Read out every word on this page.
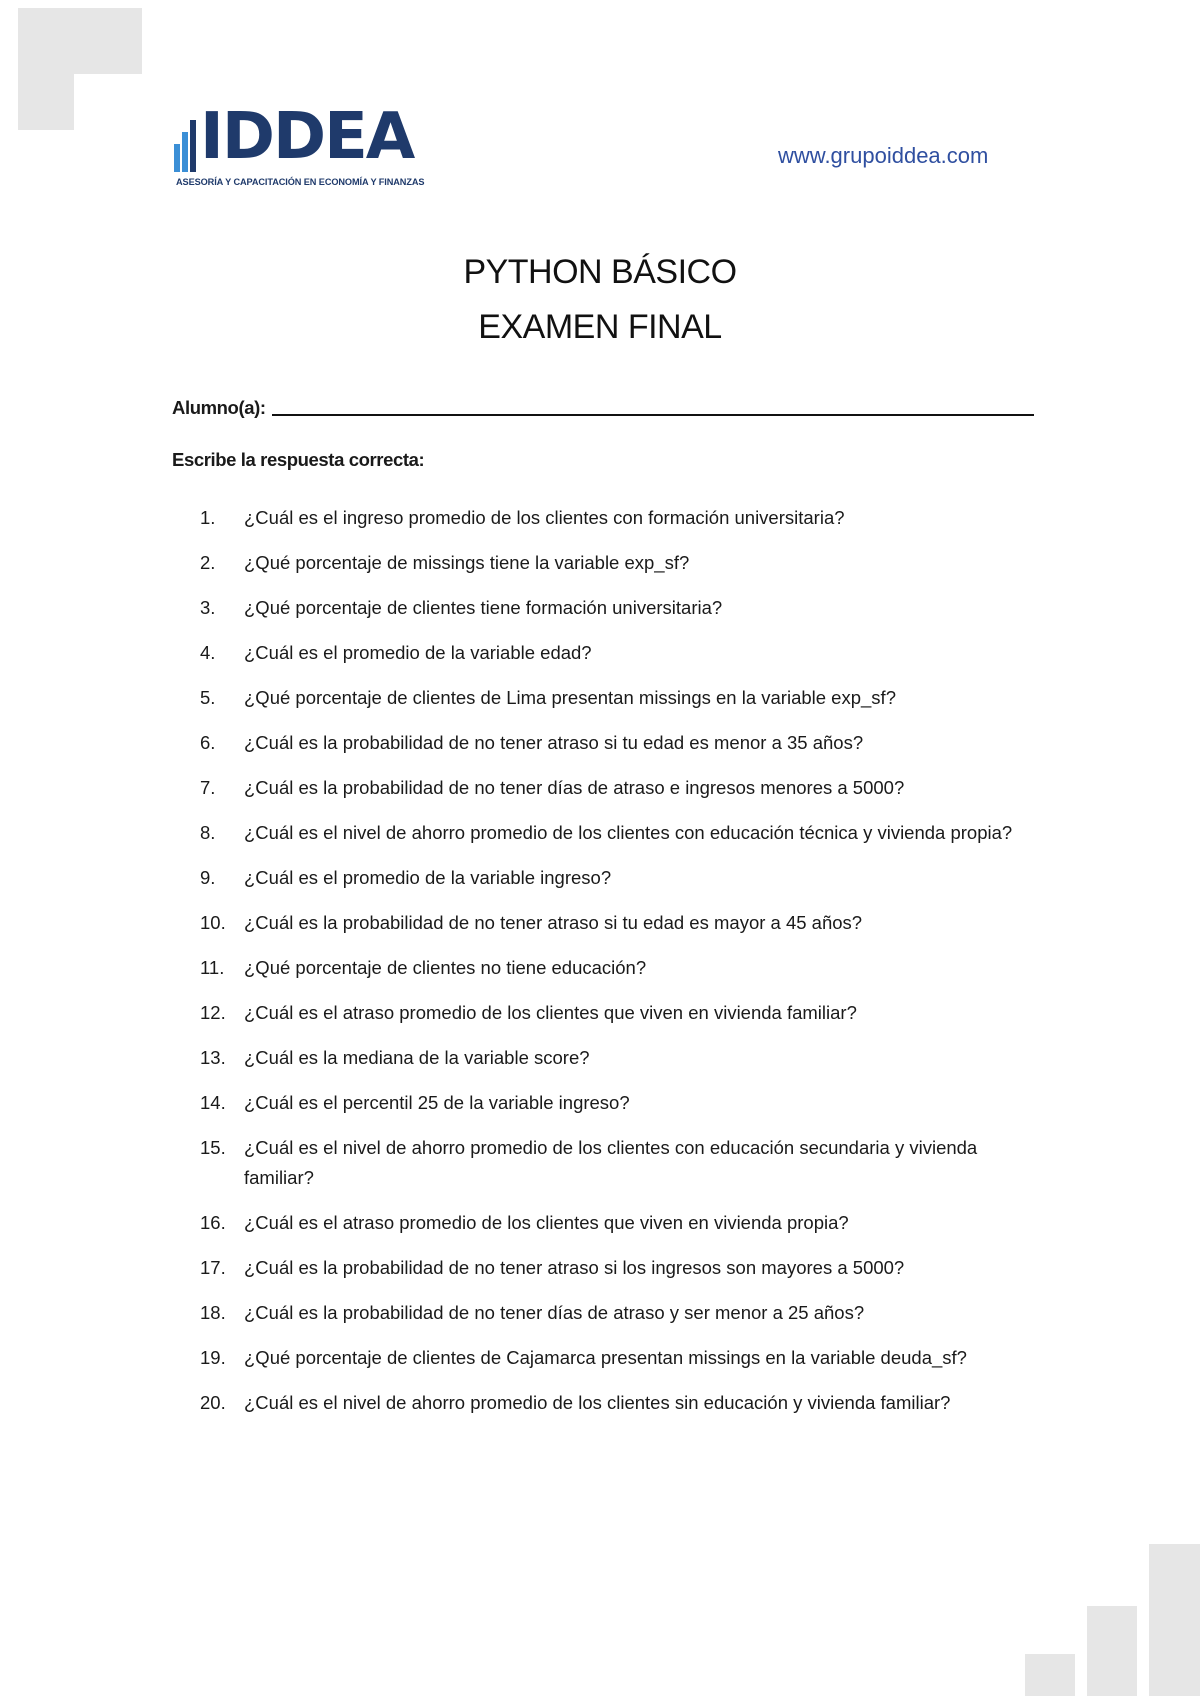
IDDEA
ASESORÍA Y CAPACITACIÓN EN ECONOMÍA Y FINANZAS
www.grupoiddea.com
PYTHON BÁSICO
EXAMEN FINAL
Alumno(a):
Escribe la respuesta correcta:
1.	¿Cuál es el ingreso promedio de los clientes con formación universitaria?
2.	¿Qué porcentaje de missings tiene la variable exp_sf?
3.	¿Qué porcentaje de clientes tiene formación universitaria?
4.	¿Cuál es el promedio de la variable edad?
5.	¿Qué porcentaje de clientes de Lima presentan missings en la variable exp_sf?
6.	¿Cuál es la probabilidad de no tener atraso si tu edad es menor a 35 años?
7.	¿Cuál es la probabilidad de no tener días de atraso e ingresos menores a 5000?
8.	¿Cuál es el nivel de ahorro promedio de los clientes con educación técnica y vivienda propia?
9.	¿Cuál es el promedio de la variable ingreso?
10. ¿Cuál es la probabilidad de no tener atraso si tu edad es mayor a 45 años?
11.	¿Qué porcentaje de clientes no tiene educación?
12. ¿Cuál es el atraso promedio de los clientes que viven en vivienda familiar?
13. ¿Cuál es la mediana de la variable score?
14. ¿Cuál es el percentil 25 de la variable ingreso?
15. ¿Cuál es el nivel de ahorro promedio de los clientes con educación secundaria y vivienda familiar?
16. ¿Cuál es el atraso promedio de los clientes que viven en vivienda propia?
17. ¿Cuál es la probabilidad de no tener atraso si los ingresos son mayores a 5000?
18. ¿Cuál es la probabilidad de no tener días de atraso y ser menor a 25 años?
19. ¿Qué porcentaje de clientes de Cajamarca presentan missings en la variable deuda_sf?
20. ¿Cuál es el nivel de ahorro promedio de los clientes sin educación y vivienda familiar?
